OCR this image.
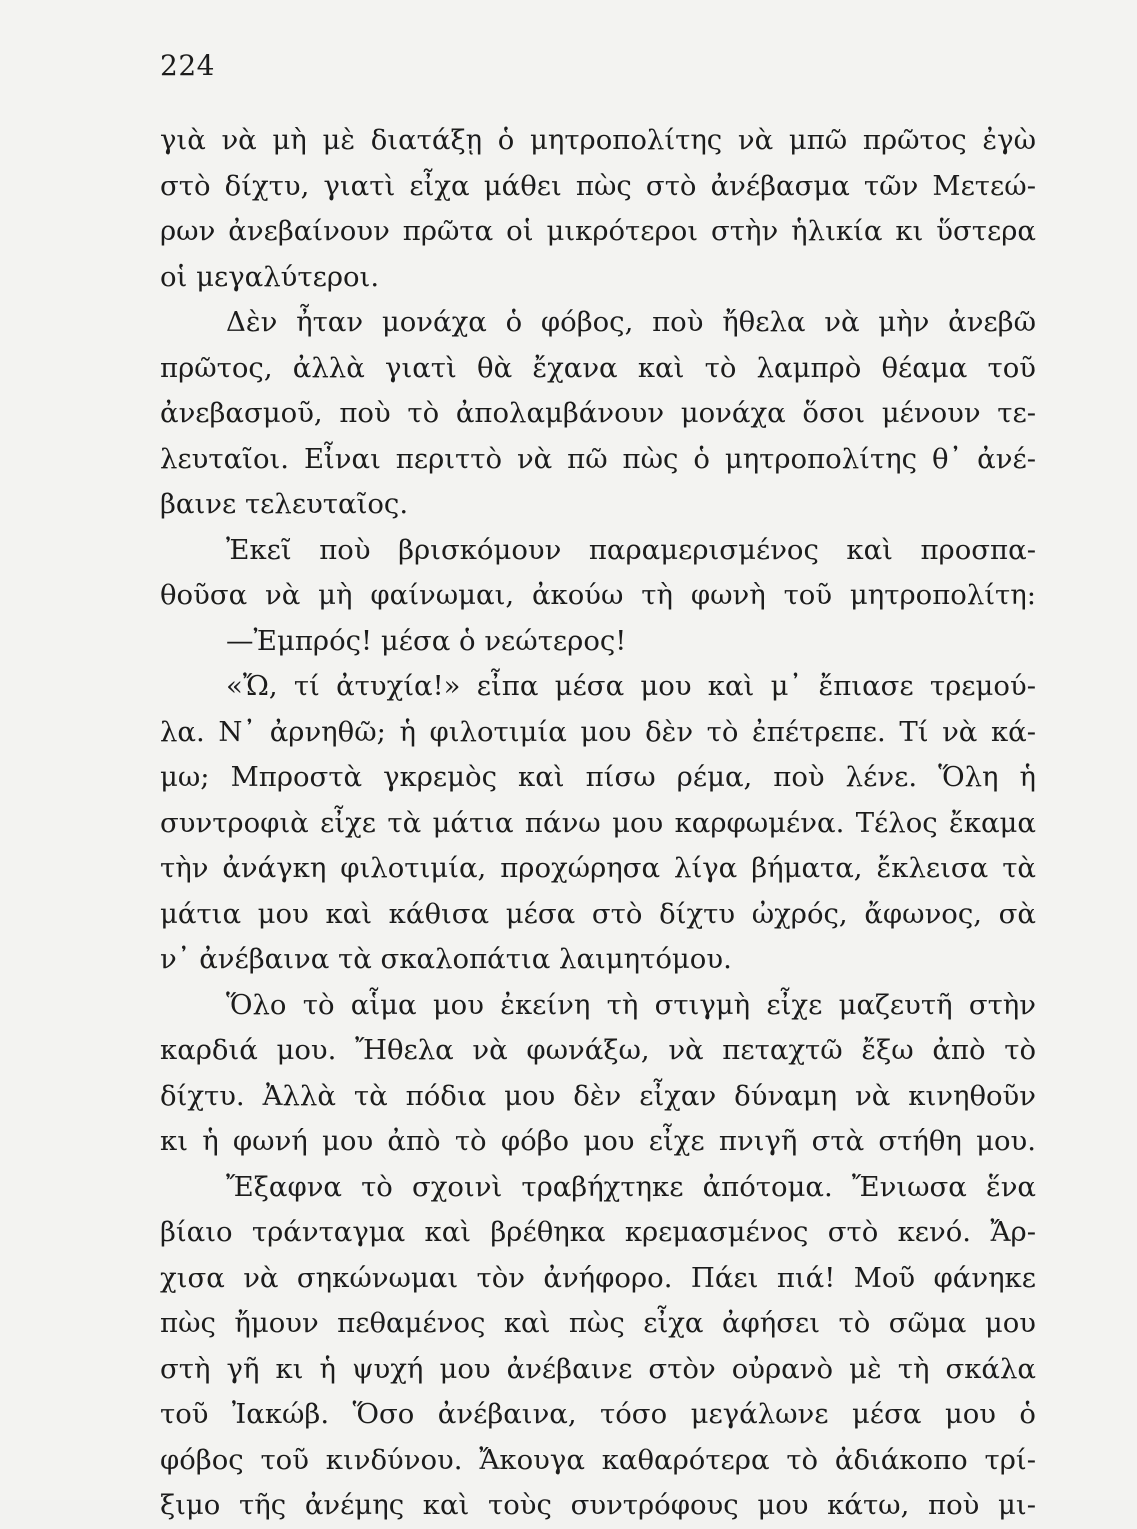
224
γιὰ νὰ μὴ μὲ διατάξῃ ὁ μητροπολίτης νὰ μπῶ πρῶτος ἐγὼ
στὸ δίχτυ, γιατὶ εἶχα μάθει πὼς στὸ ἀνέβασμα τῶν Μετεώ-
ρων ἀνεβαίνουν πρῶτα οἱ μικρότεροι στὴν ἡλικία κι ὕστερα
οἱ μεγαλύτεροι.
Δὲν ἦταν μονάχα ὁ φόβος, ποὺ ἤθελα νὰ μὴν ἀνεβῶ
πρῶτος, ἀλλὰ γιατὶ θὰ ἔχανα καὶ τὸ λαμπρὸ θέαμα τοῦ
ἀνεβασμοῦ, ποὺ τὸ ἀπολαμβάνουν μονάχα ὅσοι μένουν τε-
λευταῖοι. Εἶναι περιττὸ νὰ πῶ πὼς ὁ μητροπολίτης θ᾽ ἀνέ-
βαινε τελευταῖος.
Ἐκεῖ ποὺ βρισκόμουν παραμερισμένος καὶ προσπα-
θοῦσα νὰ μὴ φαίνωμαι, ἀκούω τὴ φωνὴ τοῦ μητροπολίτη:
—Ἐμπρός! μέσα ὁ νεώτερος!
«Ὤ, τί ἀτυχία!» εἶπα μέσα μου καὶ μ᾽ ἔπιασε τρεμού-
λα. Ν᾽ ἀρνηθῶ; ἡ φιλοτιμία μου δὲν τὸ ἐπέτρεπε. Τί νὰ κά-
μω; Μπροστὰ γκρεμὸς καὶ πίσω ρέμα, ποὺ λένε. Ὅλη ἡ
συντροφιὰ εἶχε τὰ μάτια πάνω μου καρφωμένα. Τέλος ἔκαμα
τὴν ἀνάγκη φιλοτιμία, προχώρησα λίγα βήματα, ἔκλεισα τὰ
μάτια μου καὶ κάθισα μέσα στὸ δίχτυ ὠχρός, ἄφωνος, σὰ
ν᾽ ἀνέβαινα τὰ σκαλοπάτια λαιμητόμου.
Ὅλο τὸ αἷμα μου ἐκείνη τὴ στιγμὴ εἶχε μαζευτῆ στὴν
καρδιά μου. Ἤθελα νὰ φωνάξω, νὰ πεταχτῶ ἔξω ἀπὸ τὸ
δίχτυ. Ἀλλὰ τὰ πόδια μου δὲν εἶχαν δύναμη νὰ κινηθοῦν
κι ἡ φωνή μου ἀπὸ τὸ φόβο μου εἶχε πνιγῆ στὰ στήθη μου.
Ἔξαφνα τὸ σχοινὶ τραβήχτηκε ἀπότομα. Ἔνιωσα ἕνα
βίαιο τράνταγμα καὶ βρέθηκα κρεμασμένος στὸ κενό. Ἄρ-
χισα νὰ σηκώνωμαι τὸν ἀνήφορο. Πάει πιά! Μοῦ φάνηκε
πὼς ἤμουν πεθαμένος καὶ πὼς εἶχα ἀφήσει τὸ σῶμα μου
στὴ γῆ κι ἡ ψυχή μου ἀνέβαινε στὸν οὐρανὸ μὲ τὴ σκάλα
τοῦ Ἰακώβ. Ὅσο ἀνέβαινα, τόσο μεγάλωνε μέσα μου ὁ
φόβος τοῦ κινδύνου. Ἄκουγα καθαρότερα τὸ ἀδιάκοπο τρί-
ξιμο τῆς ἀνέμης καὶ τοὺς συντρόφους μου κάτω, ποὺ μι-
